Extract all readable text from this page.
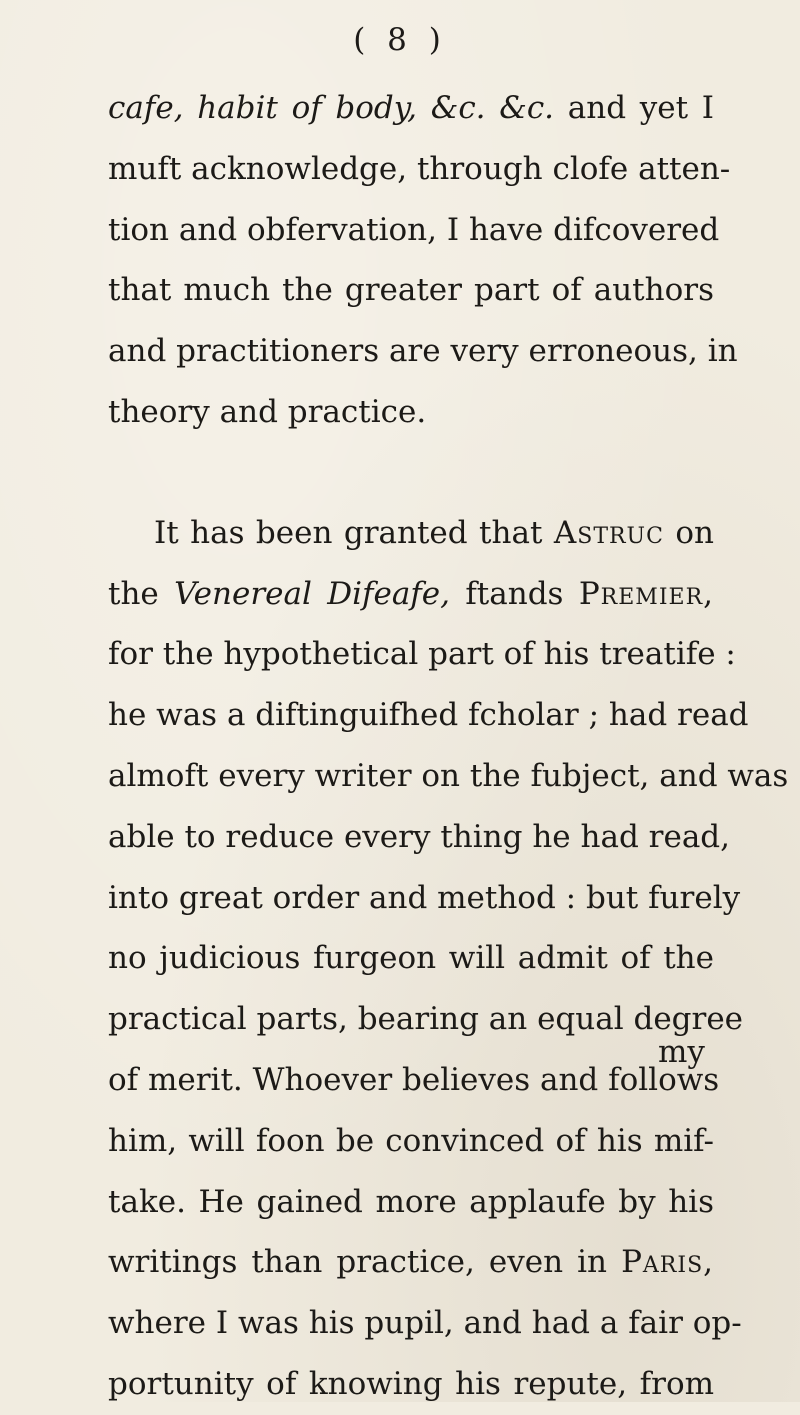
( 8 )
cafe, habit of body, &c. &c. and yet I
muft acknowledge, through clofe atten-
tion and obfervation, I have difcovered
that much the greater part of authors
and practitioners are very erroneous, in
theory and practice.
It has been granted that Astruc on
the Venereal Difeafe, ftands Premier,
for the hypothetical part of his treatife :
he was a diftinguifhed fcholar ; had read
almoft every writer on the fubject, and was
able to reduce every thing he had read,
into great order and method : but furely
no judicious furgeon will admit of the
practical parts, bearing an equal degree
of merit. Whoever believes and follows
him, will foon be convinced of his mif-
take. He gained more applaufe by his
writings than practice, even in Paris,
where I was his pupil, and had a fair op-
portunity of knowing his repute, from
my
